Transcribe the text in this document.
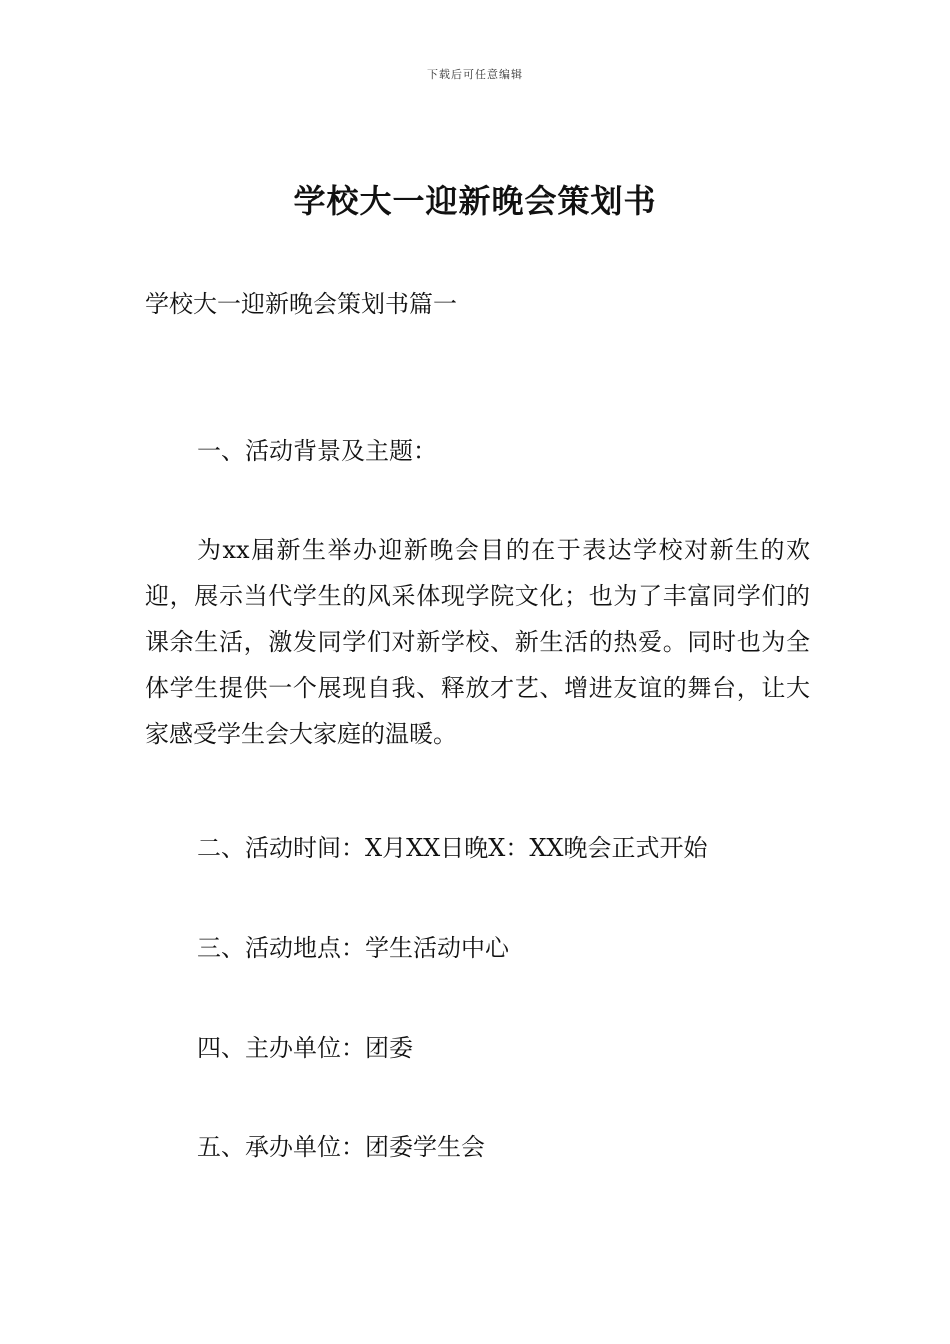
下载后可任意编辑
学校大一迎新晚会策划书
学校大一迎新晚会策划书篇一
一、活动背景及主题：
为xx届新生举办迎新晚会目的在于表达学校对新生的欢迎，展示当代学生的风采体现学院文化；也为了丰富同学们的课余生活，激发同学们对新学校、新生活的热爱。同时也为全体学生提供一个展现自我、释放才艺、增进友谊的舞台，让大家感受学生会大家庭的温暖。
二、活动时间：X月XX日晚X：XX晚会正式开始
三、活动地点：学生活动中心
四、主办单位：团委
五、承办单位：团委学生会
